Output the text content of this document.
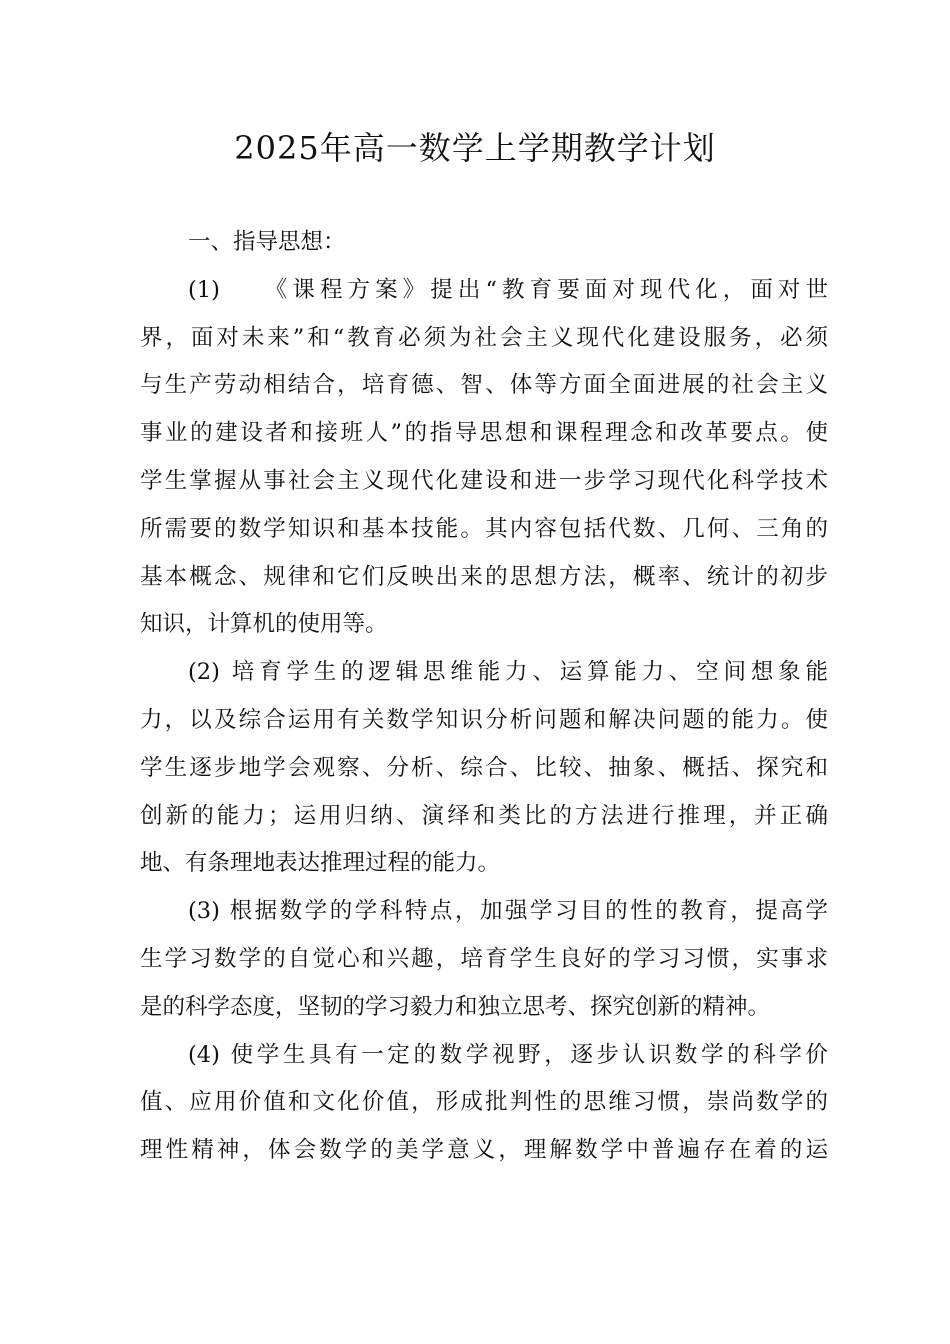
2025年高一数学上学期教学计划
一、指导思想：
(1)　 《课程方案》提出“教育要面对现代化，面对世
界，面对未来”和“教育必须为社会主义现代化建设服务，必须
与生产劳动相结合，培育德、智、体等方面全面进展的社会主义
事业的建设者和接班人”的指导思想和课程理念和改革要点。使
学生掌握从事社会主义现代化建设和进一步学习现代化科学技术
所需要的数学知识和基本技能。其内容包括代数、几何、三角的
基本概念、规律和它们反映出来的思想方法，概率、统计的初步
知识，计算机的使用等。
(2) 培育学生的逻辑思维能力、运算能力、空间想象能
力，以及综合运用有关数学知识分析问题和解决问题的能力。使
学生逐步地学会观察、分析、综合、比较、抽象、概括、探究和
创新的能力；运用归纳、演绎和类比的方法进行推理，并正确
地、有条理地表达推理过程的能力。
(3) 根据数学的学科特点，加强学习目的性的教育，提高学
生学习数学的自觉心和兴趣，培育学生良好的学习习惯，实事求
是的科学态度，坚韧的学习毅力和独立思考、探究创新的精神。
(4) 使学生具有一定的数学视野，逐步认识数学的科学价
值、应用价值和文化价值，形成批判性的思维习惯，崇尚数学的
理性精神，体会数学的美学意义，理解数学中普遍存在着的运
